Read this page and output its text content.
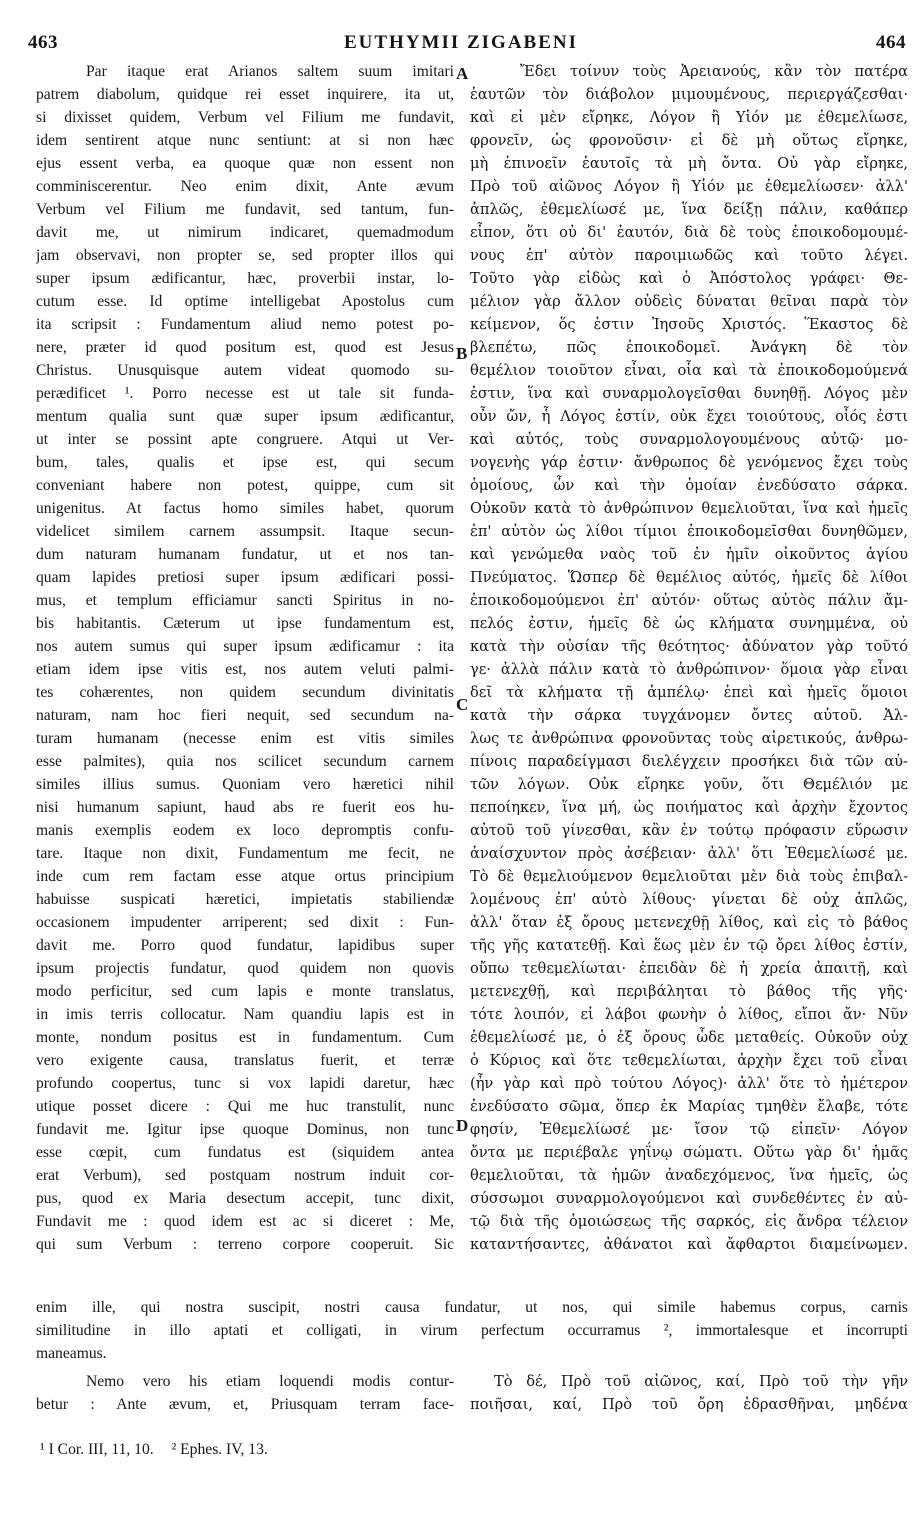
463	EUTHYMII ZIGABENI	464
Par itaque erat Arianos saltem suum imitari
patrem diabolum, quidque rei esset inquirere, ita ut,
si dixisset quidem, Verbum vel Filium me fundavit,
idem sentirent atque nunc sentiunt: at si non hæc
ejus essent verba, ea quoque quæ non essent non
comminiscerentur. Neo enim dixit, Ante ævum
Verbum vel Filium me fundavit, sed tantum, fun-
davit me, ut nimirum indicaret, quemadmodum
jam observavi, non propter se, sed propter illos qui
super ipsum ædificantur, hæc, proverbii instar, lo-
cutum esse. Id optime intelligebat Apostolus cum
ita scripsit : Fundamentum aliud nemo potest po-
nere, præter id quod positum est, quod est Jesus
Christus. Unusquisque autem videat quomodo su-
perædificet ¹. Porro necesse est ut tale sit funda-
mentum qualia sunt quæ super ipsum ædificantur,
ut inter se possint apte congruere. Atqui ut Ver-
bum, tales, qualis et ipse est, qui secum
conveniant habere non potest, quippe, cum sit
unigenitus. At factus homo similes habet, quorum
videlicet similem carnem assumpsit. Itaque secun-
dum naturam humanam fundatur, ut et nos tan-
quam lapides pretiosi super ipsum ædificari possi-
mus, et templum efficiamur sancti Spiritus in no-
bis habitantis. Cæterum ut ipse fundamentum est,
nos autem sumus qui super ipsum ædificamur : ita
etiam idem ipse vitis est, nos autem veluti palmi-
tes cohærentes, non quidem secundum divinitatis
naturam, nam hoc fieri nequit, sed secundum na-
turam humanam (necesse enim est vitis similes
esse palmites), quia nos scilicet secundum carnem
similes illius sumus. Quoniam vero hæretici nihil
nisi humanum sapiunt, haud abs re fuerit eos hu-
manis exemplis eodem ex loco depromptis confu-
tare. Itaque non dixit, Fundamentum me fecit, ne
inde cum rem factam esse atque ortus principium
habuisse suspicati hæretici, impietatis stabiliendæ
occasionem impudenter arriperent; sed dixit : Fun-
davit me. Porro quod fundatur, lapidibus super
ipsum projectis fundatur, quod quidem non quovis
modo perficitur, sed cum lapis e monte translatus,
in imis terris collocatur. Nam quandiu lapis est in
monte, nondum positus est in fundamentum. Cum
vero exigente causa, translatus fuerit, et terræ
profundo coopertus, tunc si vox lapidi daretur, hæc
utique posset dicere : Qui me huc transtulit, nunc
fundavit me. Igitur ipse quoque Dominus, non tunc
esse cœpit, cum fundatus est (siquidem antea
erat Verbum), sed postquam nostrum induit cor-
pus, quod ex Maria desectum accepit, tunc dixit,
Fundavit me : quod idem est ac si diceret : Me,
qui sum Verbum : terreno corpore cooperuit. Sic
Ἔδει τοίνυν τοὺς Ἀρειανούς, κἂν τὸν πατέρα
ἑαυτῶν τὸν διάβολον μιμουμένους, περιεργάζεσθαι·
καὶ εἰ μὲν εἴρηκε, Λόγον ἢ Υἱόν με ἐθεμελίωσε,
φρονεῖν, ὡς φρονοῦσιν· εἰ δὲ μὴ οὕτως εἴρηκε,
μὴ ἐπινοεῖν ἑαυτοῖς τὰ μὴ ὄντα. Οὐ γὰρ εἴρηκε,
Πρὸ τοῦ αἰῶνος Λόγον ἢ Υἱόν με ἐθεμελίωσεν· ἀλλ'
ἁπλῶς, ἐθεμελίωσέ με, ἵνα δείξῃ πάλιν, καθάπερ
εἶπον, ὅτι οὐ δι' ἑαυτόν, διὰ δὲ τοὺς ἐποικοδομουμέ-
νους ἐπ' αὐτὸν παροιμιωδῶς καὶ τοῦτο λέγει.
Τοῦτο γὰρ εἰδὼς καὶ ὁ Ἀπόστολος γράφει· Θε-
μέλιον γὰρ ἄλλον οὐδεὶς δύναται θεῖναι παρὰ τὸν
κείμενον, ὅς ἐστιν Ἰησοῦς Χριστός. Ἕκαστος δὲ
βλεπέτω, πῶς ἐποικοδομεῖ. Ἀνάγκη δὲ τὸν
θεμέλιον τοιοῦτον εἶναι, οἷα καὶ τὰ ἐποικοδομούμενά
ἐστιν, ἵνα καὶ συναρμολογεῖσθαι δυνηθῇ. Λόγος μὲν
οὖν ὤν, ἧ Λόγος ἐστίν, οὐκ ἔχει τοιούτους, οἷός ἐστι
καὶ αὐτός, τοὺς συναρμολογουμένους αὐτῷ· μο-
νογενὴς γάρ ἐστιν· ἄνθρωπος δὲ γενόμενος ἔχει τοὺς
ὁμοίους, ὧν καὶ τὴν ὁμοίαν ἐνεδύσατο σάρκα.
Οὐκοῦν κατὰ τὸ ἀνθρώπινον θεμελιοῦται, ἵνα καὶ ἡμεῖς
ἐπ' αὐτὸν ὡς λίθοι τίμιοι ἐποικοδομεῖσθαι δυνηθῶμεν,
καὶ γενώμεθα ναὸς τοῦ ἐν ἡμῖν οἰκοῦντος ἁγίου
Πνεύματος. Ὥσπερ δὲ θεμέλιος αὐτός, ἡμεῖς δὲ λίθοι
ἐποικοδομούμενοι ἐπ' αὐτόν· οὕτως αὐτὸς πάλιν ἄμ-
πελός ἐστιν, ἡμεῖς δὲ ὡς κλήματα συνημμένα, οὐ
κατὰ τὴν οὐσίαν τῆς θεότητος· ἀδύνατον γὰρ τοῦτό
γε· ἀλλὰ πάλιν κατὰ τὸ ἀνθρώπινον· ὅμοια γὰρ εἶναι
δεῖ τὰ κλήματα τῇ ἀμπέλῳ· ἐπεὶ καὶ ἡμεῖς ὅμοιοι
κατὰ τὴν σάρκα τυγχάνομεν ὄντες αὐτοῦ. Ἀλ-
λως τε ἀνθρώπινα φρονοῦντας τοὺς αἱρετικούς, ἀνθρω-
πίνοις παραδείγμασι διελέγχειν προσήκει διὰ τῶν αὐ-
τῶν λόγων. Οὐκ εἴρηκε γοῦν, ὅτι Θεμέλιόν με
πεποίηκεν, ἵνα μή, ὡς ποιήματος καὶ ἀρχὴν ἔχοντος
αὐτοῦ τοῦ γίνεσθαι, κἂν ἐν τούτῳ πρόφασιν εὕρωσιν
ἀναίσχυντον πρὸς ἀσέβειαν· ἀλλ' ὅτι Ἐθεμελίωσέ με.
Τὸ δὲ θεμελιούμενον θεμελιοῦται μὲν διὰ τοὺς ἐπιβαλ-
λομένους ἐπ' αὐτὸ λίθους· γίνεται δὲ οὐχ ἁπλῶς,
ἀλλ' ὅταν ἐξ ὄρους μετενεχθῇ λίθος, καὶ εἰς τὸ βάθος
τῆς γῆς κατατεθῇ. Καὶ ἕως μὲν ἐν τῷ ὄρει λίθος ἐστίν,
οὔπω τεθεμελίωται· ἐπειδὰν δὲ ἡ χρεία ἀπαιτῇ, καὶ
μετενεχθῇ, καὶ περιβάληται τὸ βάθος τῆς γῆς·
τότε λοιπόν, εἰ λάβοι φωνὴν ὁ λίθος, εἴποι ἄν· Νῦν
ἐθεμελίωσέ με, ὁ ἐξ ὄρους ὧδε μεταθείς. Οὐκοῦν οὐχ
ὁ Κύριος καὶ ὅτε τεθεμελίωται, ἀρχὴν ἔχει τοῦ εἶναι
(ἦν γὰρ καὶ πρὸ τούτου Λόγος)· ἀλλ' ὅτε τὸ ἡμέτερον
ἐνεδύσατο σῶμα, ὅπερ ἐκ Μαρίας τμηθὲν ἔλαβε, τότε
φησίν, Ἐθεμελίωσέ με· ἴσον τῷ εἰπεῖν· Λόγον
ὄντα με περιέβαλε γηΐνῳ σώματι. Οὕτω γὰρ δι' ἡμᾶς
θεμελιοῦται, τὰ ἡμῶν ἀναδεχόμενος, ἵνα ἡμεῖς, ὡς
σύσσωμοι συναρμολογούμενοι καὶ συνδεθέντες ἐν αὐ-
τῷ διὰ τῆς ὁμοιώσεως τῆς σαρκός, εἰς ἄνδρα τέλειον
καταντήσαντες, ἀθάνατοι καὶ ἄφθαρτοι διαμείνωμεν.
A
B
C
D
enim ille, qui nostra suscipit, nostri causa fundatur, ut nos, qui simile habemus corpus, carnis
similitudine in illo aptati et colligati, in virum perfectum occurramus ², immortalesque et incorrupti
maneamus.
Nemo vero his etiam loquendi modis contur-
betur : Ante ævum, et, Priusquam terram face-
Τὸ δέ, Πρὸ τοῦ αἰῶνος, καί, Πρὸ τοῦ τὴν γῆν
ποιῆσαι, καί, Πρὸ τοῦ ὄρη ἑδρασθῆναι, μηδένα
¹ I Cor. III, 11, 10. ² Ephes. IV, 13.
